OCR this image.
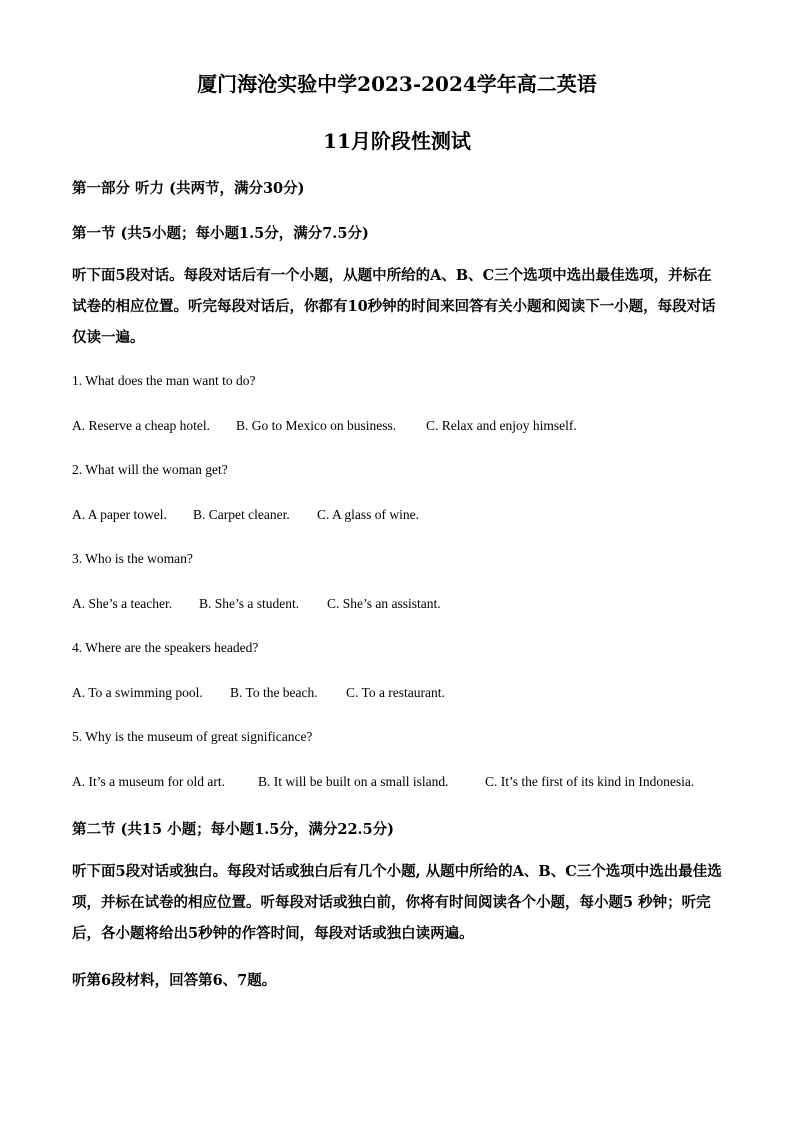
厦门海沧实验中学2023-2024学年高二英语
11月阶段性测试
第一部分 听力 (共两节，满分30分)
第一节 (共5小题；每小题1.5分，满分7.5分)

听下面5段对话。每段对话后有一个小题，从题中所给的A、B、C三个选项中选出最佳选项，并标在试卷的相应位置。听完每段对话后，你都有10秒钟的时间来回答有关小题和阅读下一小题，每段对话仅读一遍。

1. What does the man want to do?
A. Reserve a cheap hotel. B. Go to Mexico on business. C. Relax and enjoy himself.
2. What will the woman get?
A. A paper towel. B. Carpet cleaner. C. A glass of wine.
3. Who is the woman?
A. She’s a teacher. B. She’s a student. C. She’s an assistant.
4. Where are the speakers headed?
A. To a swimming pool. B. To the beach. C. To a restaurant.
5. Why is the museum of great significance?
A. It’s a museum for old art. B. It will be built on a small island.	C. It’s the first of its kind in Indonesia.
第二节 (共15 小题；每小题1.5分，满分22.5分)

听下面5段对话或独白。每段对话或独白后有几个小题, 从题中所给的A、B、C三个选项中选出最佳选项，并标在试卷的相应位置。听每段对话或独白前，你将有时间阅读各个小题，每小题5 秒钟；听完后，各小题将给出5秒钟的作答时间，每段对话或独白读两遍。

听第6段材料，回答第6、7题。
